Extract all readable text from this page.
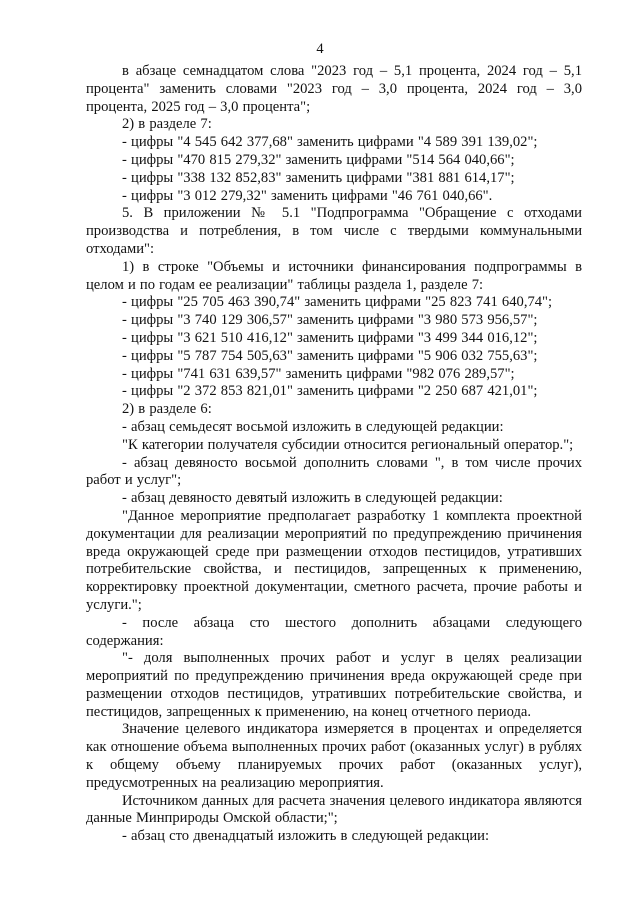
4

в абзаце семнадцатом слова "2023 год – 5,1 процента, 2024 год – 5,1 процента" заменить словами "2023 год – 3,0 процента, 2024 год – 3,0 процента, 2025 год – 3,0 процента";

2) в разделе 7:

- цифры "4 545 642 377,68" заменить цифрами "4 589 391 139,02";

- цифры "470 815 279,32" заменить цифрами "514 564 040,66";

- цифры "338 132 852,83" заменить цифрами "381 881 614,17";

- цифры "3 012 279,32" заменить цифрами "46 761 040,66".

5. В приложении № 5.1 "Подпрограмма "Обращение с отходами производства и потребления, в том числе с твердыми коммунальными отходами":

1) в строке "Объемы и источники финансирования подпрограммы в целом и по годам ее реализации" таблицы раздела 1, разделе 7:

- цифры "25 705 463 390,74" заменить цифрами "25 823 741 640,74";

- цифры "3 740 129 306,57" заменить цифрами "3 980 573 956,57";

- цифры "3 621 510 416,12" заменить цифрами "3 499 344 016,12";

- цифры "5 787 754 505,63" заменить цифрами "5 906 032 755,63";

- цифры "741 631 639,57" заменить цифрами "982 076 289,57";

- цифры "2 372 853 821,01" заменить цифрами "2 250 687 421,01";

2) в разделе 6:

- абзац семьдесят восьмой изложить в следующей редакции:

"К категории получателя субсидии относится региональный оператор.";

- абзац девяносто восьмой дополнить словами ", в том числе прочих работ и услуг";

- абзац девяносто девятый изложить в следующей редакции:

"Данное мероприятие предполагает разработку 1 комплекта проектной документации для реализации мероприятий по предупреждению причинения вреда окружающей среде при размещении отходов пестицидов, утративших потребительские свойства, и пестицидов, запрещенных к применению, корректировку проектной документации, сметного расчета, прочие работы и услуги.";

- после абзаца сто шестого дополнить абзацами следующего содержания:

"- доля выполненных прочих работ и услуг в целях реализации мероприятий по предупреждению причинения вреда окружающей среде при размещении отходов пестицидов, утративших потребительские свойства, и пестицидов, запрещенных к применению, на конец отчетного периода.

Значение целевого индикатора измеряется в процентах и определяется как отношение объема выполненных прочих работ (оказанных услуг) в рублях к общему объему планируемых прочих работ (оказанных услуг), предусмотренных на реализацию мероприятия.

Источником данных для расчета значения целевого индикатора являются данные Минприроды Омской области;";

- абзац сто двенадцатый изложить в следующей редакции:
